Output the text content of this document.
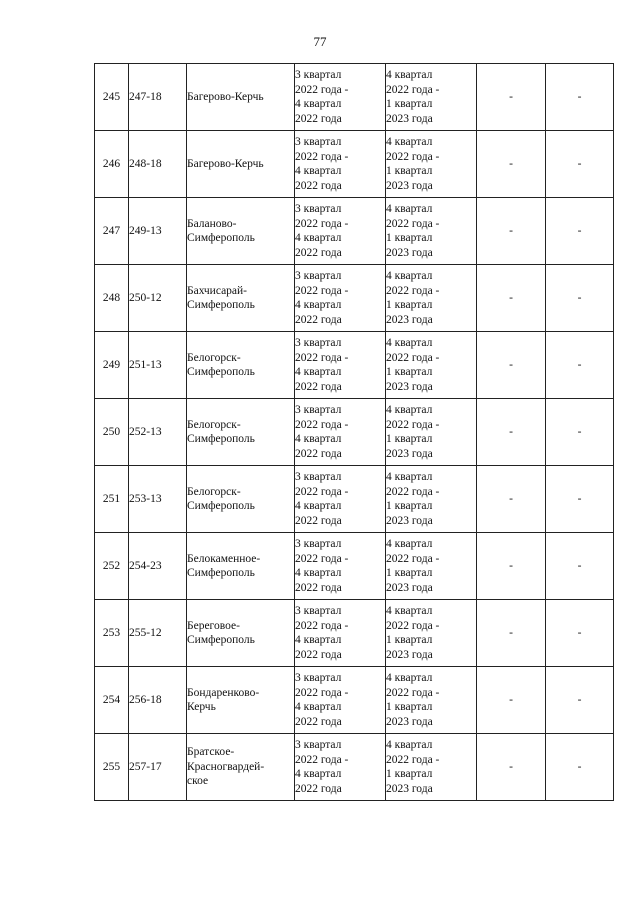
77
245	247-18	Багерово-Керчь	3 квартал
2022 года -
4 квартал
2022 года	4 квартал
2022 года -
1 квартал
2023 года	-	-
246	248-18	Багерово-Керчь	3 квартал
2022 года -
4 квартал
2022 года	4 квартал
2022 года -
1 квартал
2023 года	-	-
247	249-13	Баланово-
Симферополь	3 квартал
2022 года -
4 квартал
2022 года	4 квартал
2022 года -
1 квартал
2023 года	-	-
248	250-12	Бахчисарай-
Симферополь	3 квартал
2022 года -
4 квартал
2022 года	4 квартал
2022 года -
1 квартал
2023 года	-	-
249	251-13	Белогорск-
Симферополь	3 квартал
2022 года -
4 квартал
2022 года	4 квартал
2022 года -
1 квартал
2023 года	-	-
250	252-13	Белогорск-
Симферополь	3 квартал
2022 года -
4 квартал
2022 года	4 квартал
2022 года -
1 квартал
2023 года	-	-
251	253-13	Белогорск-
Симферополь	3 квартал
2022 года -
4 квартал
2022 года	4 квартал
2022 года -
1 квартал
2023 года	-	-
252	254-23	Белокаменное-
Симферополь	3 квартал
2022 года -
4 квартал
2022 года	4 квартал
2022 года -
1 квартал
2023 года	-	-
253	255-12	Береговое-
Симферополь	3 квартал
2022 года -
4 квартал
2022 года	4 квартал
2022 года -
1 квартал
2023 года	-	-
254	256-18	Бондаренково-
Керчь	3 квартал
2022 года -
4 квартал
2022 года	4 квартал
2022 года -
1 квартал
2023 года	-	-
255	257-17	Братское-
Красногвардей-
ское	3 квартал
2022 года -
4 квартал
2022 года	4 квартал
2022 года -
1 квартал
2023 года	-	-
